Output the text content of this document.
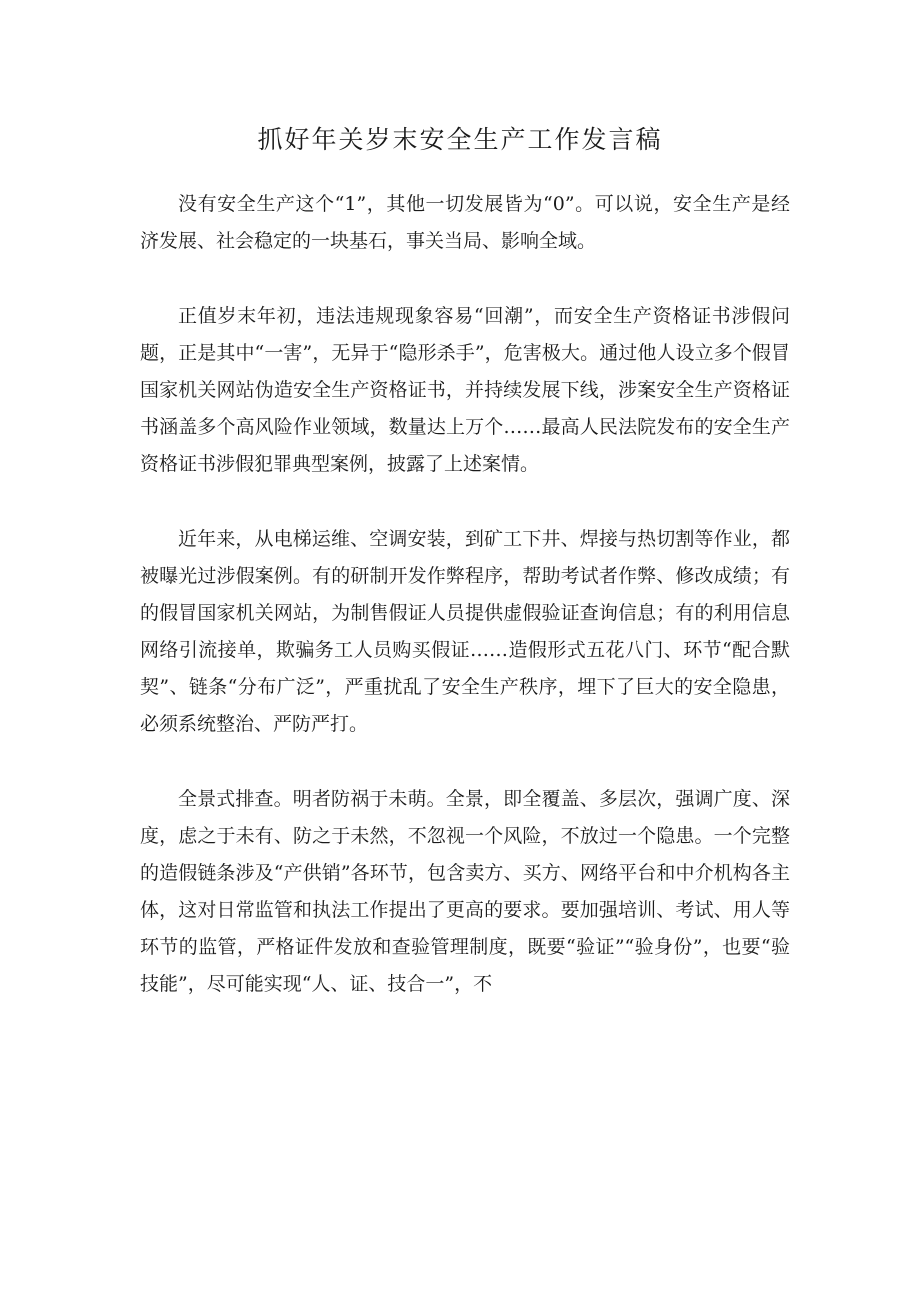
抓好年关岁末安全生产工作发言稿

没有安全生产这个“1”，其他一切发展皆为“0”。可以说，安全生产是经济发展、社会稳定的一块基石，事关当局、影响全域。

正值岁末年初，违法违规现象容易“回潮”，而安全生产资格证书涉假问题，正是其中“一害”，无异于“隐形杀手”，危害极大。通过他人设立多个假冒国家机关网站伪造安全生产资格证书，并持续发展下线，涉案安全生产资格证书涵盖多个高风险作业领域，数量达上万个……最高人民法院发布的安全生产资格证书涉假犯罪典型案例，披露了上述案情。

近年来，从电梯运维、空调安装，到矿工下井、焊接与热切割等作业，都被曝光过涉假案例。有的研制开发作弊程序，帮助考试者作弊、修改成绩；有的假冒国家机关网站，为制售假证人员提供虚假验证查询信息；有的利用信息网络引流接单，欺骗务工人员购买假证……造假形式五花八门、环节“配合默契”、链条“分布广泛”，严重扰乱了安全生产秩序，埋下了巨大的安全隐患，必须系统整治、严防严打。

全景式排查。明者防祸于未萌。全景，即全覆盖、多层次，强调广度、深度，虑之于未有、防之于未然，不忽视一个风险，不放过一个隐患。一个完整的造假链条涉及“产供销”各环节，包含卖方、买方、网络平台和中介机构各主体，这对日常监管和执法工作提出了更高的要求。要加强培训、考试、用人等环节的监管，严格证件发放和查验管理制度，既要“验证”“验身份”，也要“验技能”，尽可能实现“人、证、技合一”，不
